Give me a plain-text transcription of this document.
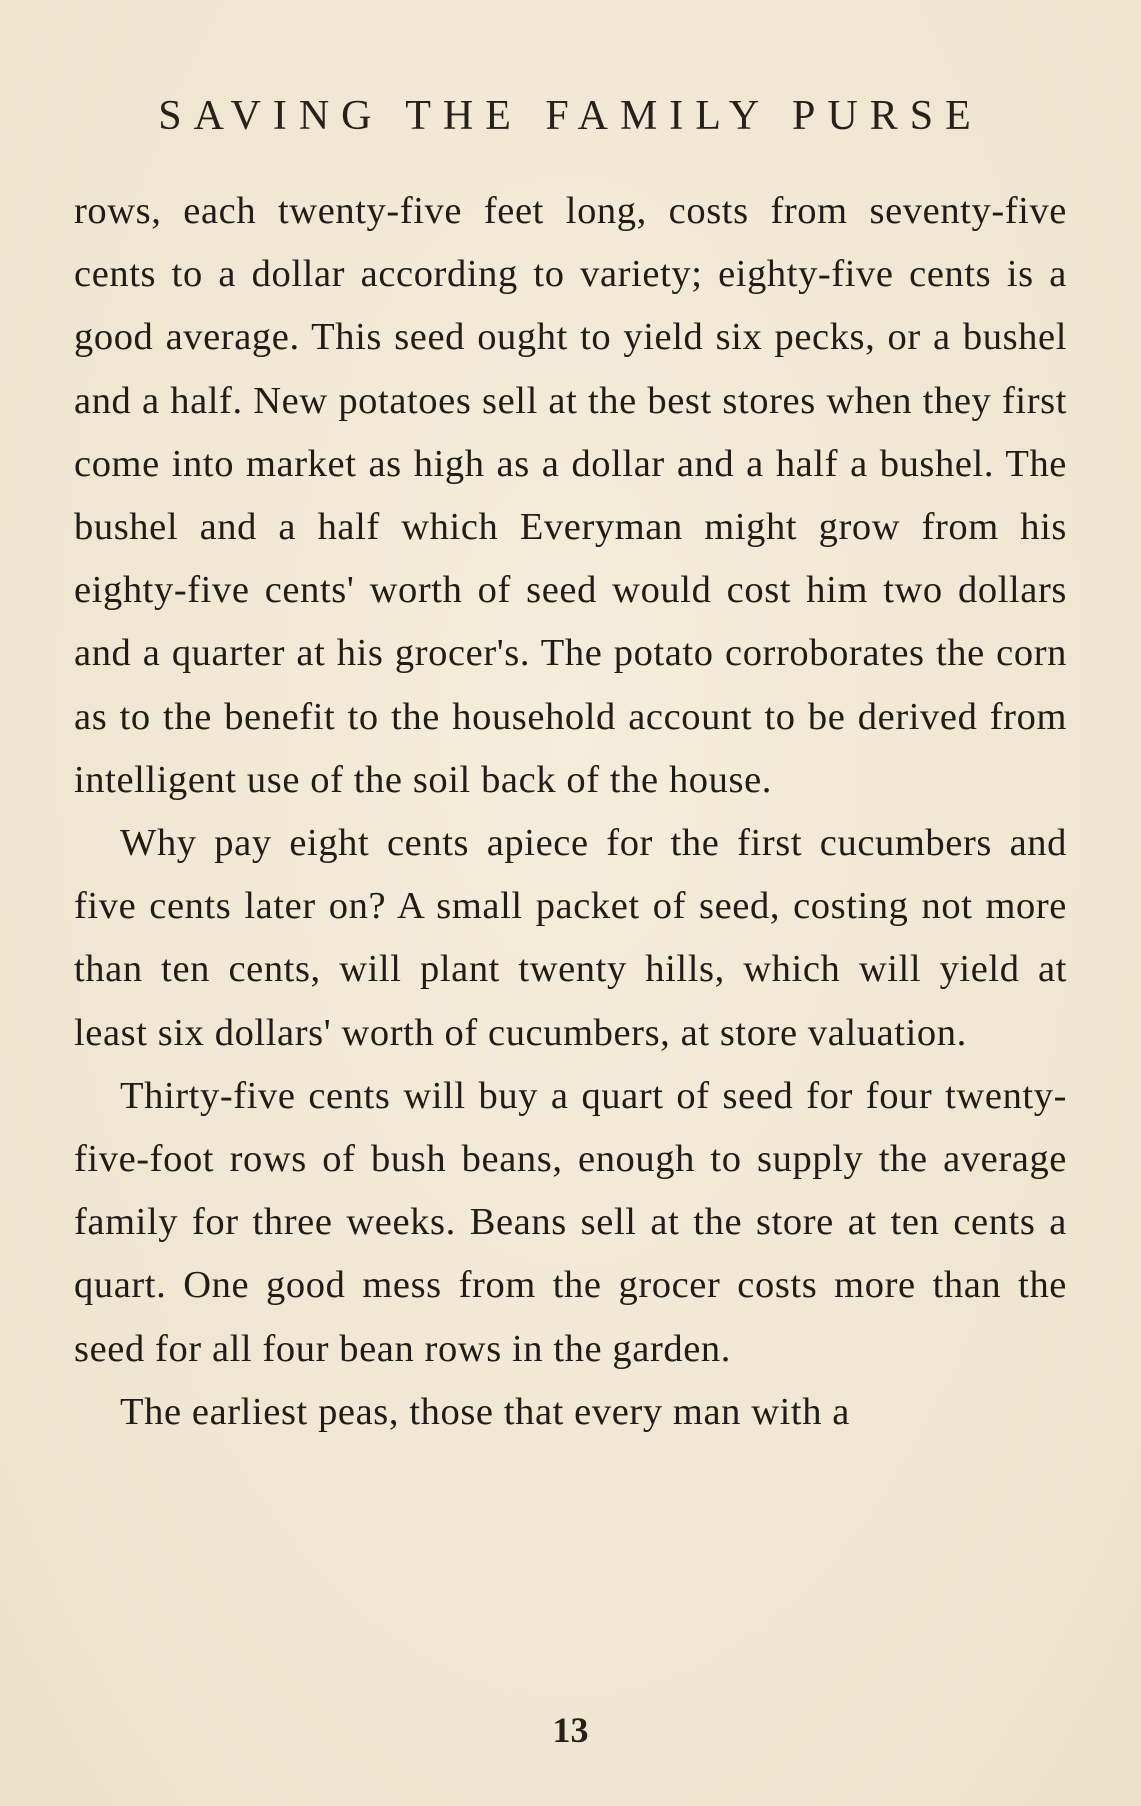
SAVING THE FAMILY PURSE

rows, each twenty-five feet long, costs from seventy-five cents to a dollar according to variety; eighty-five cents is a good average. This seed ought to yield six pecks, or a bushel and a half. New potatoes sell at the best stores when they first come into market as high as a dollar and a half a bushel. The bushel and a half which Everyman might grow from his eighty-five cents' worth of seed would cost him two dollars and a quarter at his grocer's. The potato corroborates the corn as to the benefit to the household account to be derived from intelligent use of the soil back of the house.

Why pay eight cents apiece for the first cucumbers and five cents later on? A small packet of seed, costing not more than ten cents, will plant twenty hills, which will yield at least six dollars' worth of cucumbers, at store valuation.

Thirty-five cents will buy a quart of seed for four twenty-five-foot rows of bush beans, enough to supply the average family for three weeks. Beans sell at the store at ten cents a quart. One good mess from the grocer costs more than the seed for all four bean rows in the garden.

The earliest peas, those that every man with a

13
